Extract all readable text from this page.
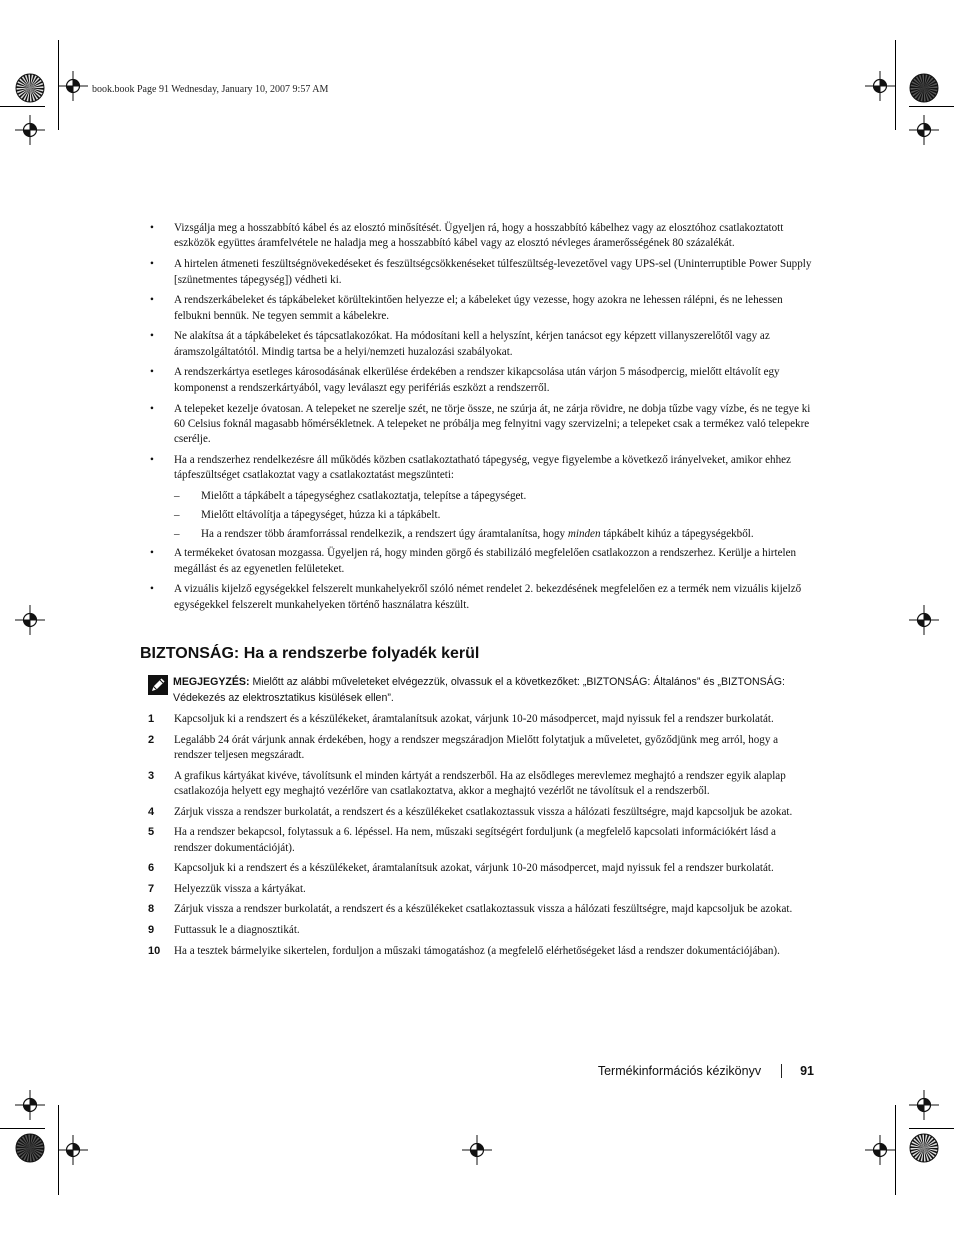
book.book Page 91 Wednesday, January 10, 2007 9:57 AM
• Vizsgálja meg a hosszabbító kábel és az elosztó minősítését. Ügyeljen rá, hogy a hosszabbító kábelhez vagy az elosztóhoz csatlakoztatott eszközök együttes áramfelvétele ne haladja meg a hosszabbító kábel vagy az elosztó névleges áramerősségének 80 százalékát.
• A hirtelen átmeneti feszültségnövekedéseket és feszültségcsökkenéseket túlfeszültség-levezetővel vagy UPS-sel (Uninterruptible Power Supply [szünetmentes tápegység]) védheti ki.
• A rendszerkábeleket és tápkábeleket körültekintően helyezze el; a kábeleket úgy vezesse, hogy azokra ne lehessen rálépni, és ne lehessen felbukni bennük. Ne tegyen semmit a kábelekre.
• Ne alakítsa át a tápkábeleket és tápcsatlakozókat. Ha módosítani kell a helyszínt, kérjen tanácsot egy képzett villanyszerelőtől vagy az áramszolgáltatótól. Mindig tartsa be a helyi/nemzeti huzalozási szabályokat.
• A rendszerkártya esetleges károsodásának elkerülése érdekében a rendszer kikapcsolása után várjon 5 másodpercig, mielőtt eltávolít egy komponenst a rendszerkártyából, vagy leválaszt egy perifériás eszközt a rendszerről.
• A telepeket kezelje óvatosan. A telepeket ne szerelje szét, ne törje össze, ne szúrja át, ne zárja rövidre, ne dobja tűzbe vagy vízbe, és ne tegye ki 60 Celsius foknál magasabb hőmérsékletnek. A telepeket ne próbálja meg felnyitni vagy szervizelni; a telepeket csak a termékez való telepekre cserélje.
• Ha a rendszerhez rendelkezésre áll működés közben csatlakoztatható tápegység, vegye figyelembe a következő irányelveket, amikor ehhez tápfeszültséget csatlakoztat vagy a csatlakoztatást megszünteti:
– Mielőtt a tápkábelt a tápegységhez csatlakoztatja, telepítse a tápegységet.
– Mielőtt eltávolítja a tápegységet, húzza ki a tápkábelt.
– Ha a rendszer több áramforrással rendelkezik, a rendszert úgy áramtalanítsa, hogy minden tápkábelt kihúz a tápegységekből.
• A termékeket óvatosan mozgassa. Ügyeljen rá, hogy minden görgő és stabilizáló megfelelően csatlakozzon a rendszerhez. Kerülje a hirtelen megállást és az egyenetlen felületeket.
• A vizuális kijelző egységekkel felszerelt munkahelyekről szóló német rendelet 2. bekezdésének megfelelően ez a termék nem vizuális kijelző egységekkel felszerelt munkahelyeken történő használatra készült.
BIZTONSÁG: Ha a rendszerbe folyadék kerül
MEGJEGYZÉS: Mielőtt az alábbi műveleteket elvégezzük, olvassuk el a következőket: „BIZTONSÁG: Általános” és „BIZTONSÁG: Védekezés az elektrosztatikus kisülések ellen”.
1	Kapcsoljuk ki a rendszert és a készülékeket, áramtalanítsuk azokat, várjunk 10-20 másodpercet, majd nyissuk fel a rendszer burkolatát.
2	Legalább 24 órát várjunk annak érdekében, hogy a rendszer megszáradjon Mielőtt folytatjuk a műveletet, győződjünk meg arról, hogy a rendszer teljesen megszáradt.
3	A grafikus kártyákat kivéve, távolítsunk el minden kártyát a rendszerből. Ha az elsődleges merevlemez meghajtó a rendszer egyik alaplap csatlakozója helyett egy meghajtó vezérlőre van csatlakoztatva, akkor a meghajtó vezérlőt ne távolítsuk el a rendszerből.
4	Zárjuk vissza a rendszer burkolatát, a rendszert és a készülékeket csatlakoztassuk vissza a hálózati feszültségre, majd kapcsoljuk be azokat.
5	Ha a rendszer bekapcsol, folytassuk a 6. lépéssel. Ha nem, műszaki segítségért forduljunk (a megfelelő kapcsolati információkért lásd a rendszer dokumentációját).
6	Kapcsoljuk ki a rendszert és a készülékeket, áramtalanítsuk azokat, várjunk 10-20 másodpercet, majd nyissuk fel a rendszer burkolatát.
7	Helyezzük vissza a kártyákat.
8	Zárjuk vissza a rendszer burkolatát, a rendszert és a készülékeket csatlakoztassuk vissza a hálózati feszültségre, majd kapcsoljuk be azokat.
9	Futtassuk le a diagnosztikát.
10	Ha a tesztek bármelyike sikertelen, forduljon a műszaki támogatáshoz (a megfelelő elérhetőségeket lásd a rendszer dokumentációjában).
Termékinformációs kézikönyv	91
